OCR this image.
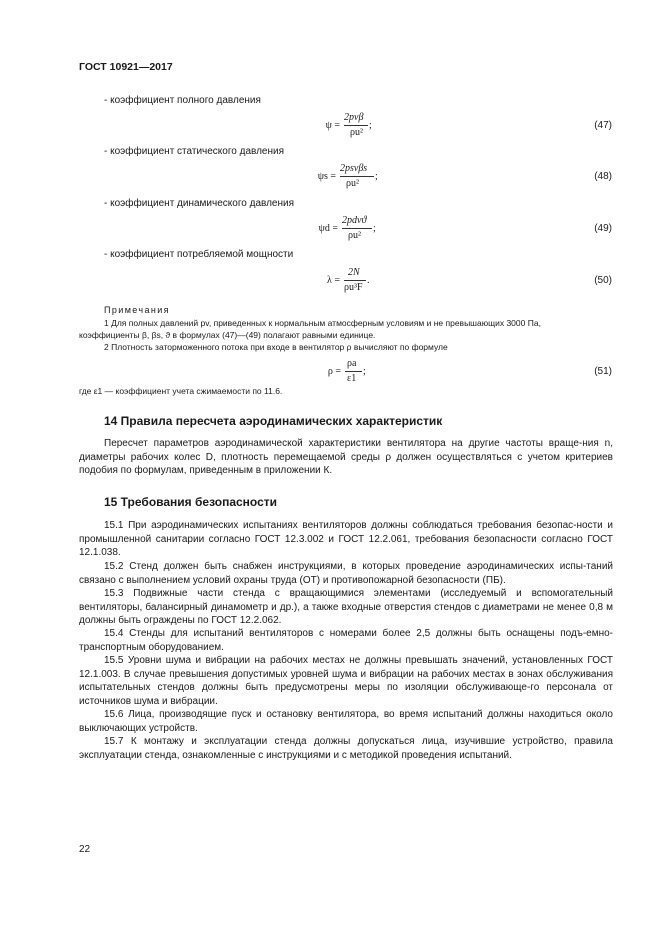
ГОСТ 10921—2017
- коэффициент полного давления
ψ =
2pvβ
ρu²
;	(47)
- коэффициент статического давления
ψs =
2psvβs
ρu²
;	(48)
- коэффициент динамического давления
ψd =
2pdvϑ
ρu²
;	(49)
- коэффициент потребляемой мощности
λ =
2N
ρu³F
.	(50)
Примечания
1 Для полных давлений pv, приведенных к нормальным атмосферным условиям и не превышающих 3000 Па,
коэффициенты β, βs, ϑ в формулах (47)—(49) полагают равными единице.
2 Плотность заторможенного потока при входе в вентилятор ρ вычисляют по формуле
ρ =
ρа
ε1
;	(51)
где ε1 — коэффициент учета сжимаемости по 11.6.
14 Правила пересчета аэродинамических характеристик
Пересчет параметров аэродинамической характеристики вентилятора на другие частоты враще-ния n, диаметры рабочих колес D, плотность перемещаемой среды ρ должен осуществляться с учетом критериев подобия по формулам, приведенным в приложении К.
15 Требования безопасности
15.1 При аэродинамических испытаниях вентиляторов должны соблюдаться требования безопас-ности и промышленной санитарии согласно ГОСТ 12.3.002 и ГОСТ 12.2.061, требования безопасности согласно ГОСТ 12.1.038.
15.2 Стенд должен быть снабжен инструкциями, в которых проведение аэродинамических испы-таний связано с выполнением условий охраны труда (ОТ) и противопожарной безопасности (ПБ).
15.3 Подвижные части стенда с вращающимися элементами (исследуемый и вспомогательный вентиляторы, балансирный динамометр и др.), а также входные отверстия стендов с диаметрами не менее 0,8 м должны быть ограждены по ГОСТ 12.2.062.
15.4 Стенды для испытаний вентиляторов с номерами более 2,5 должны быть оснащены подъ-емно-транспортным оборудованием.
15.5 Уровни шума и вибрации на рабочих местах не должны превышать значений, установленных ГОСТ 12.1.003. В случае превышения допустимых уровней шума и вибрации на рабочих местах в зонах обслуживания испытательных стендов должны быть предусмотрены меры по изоляции обслуживающе-го персонала от источников шума и вибрации.
15.6 Лица, производящие пуск и остановку вентилятора, во время испытаний должны находиться около выключающих устройств.
15.7 К монтажу и эксплуатации стенда должны допускаться лица, изучившие устройство, правила эксплуатации стенда, ознакомленные с инструкциями и с методикой проведения испытаний.
22
